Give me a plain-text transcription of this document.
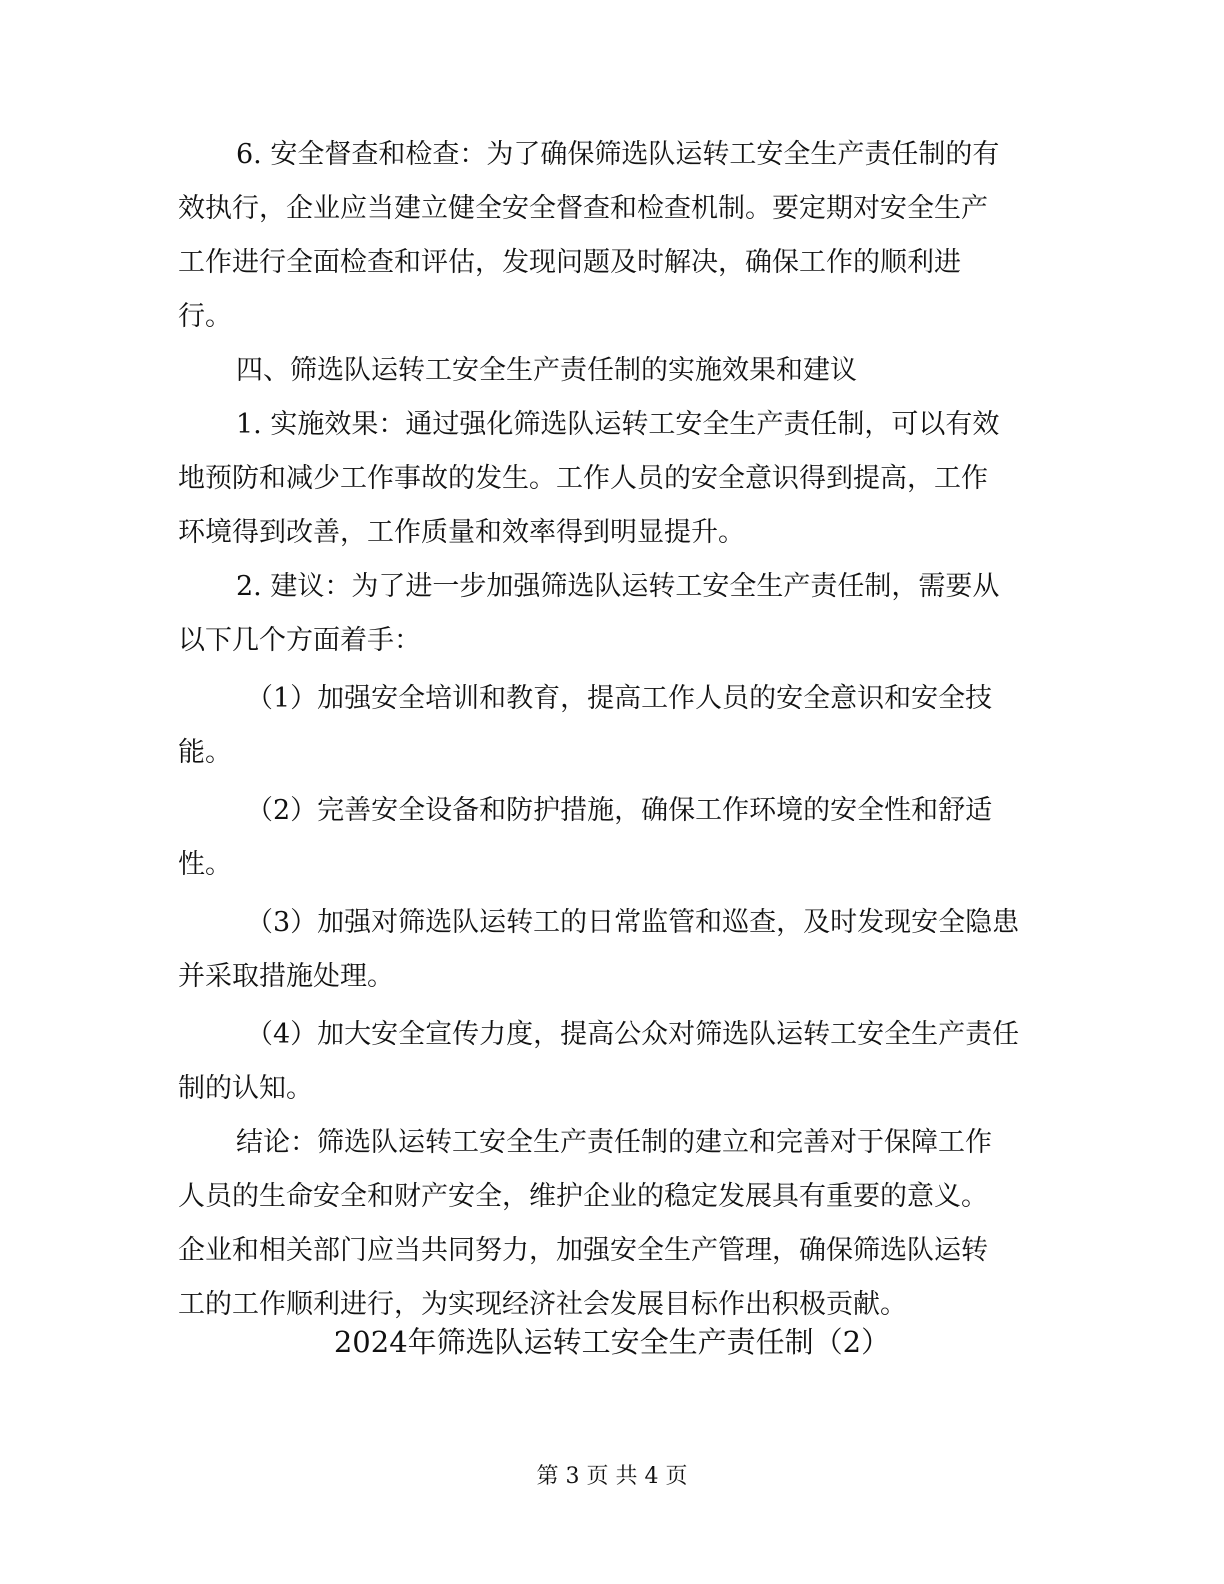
6. 安全督查和检查：为了确保筛选队运转工安全生产责任制的有
效执行，企业应当建立健全安全督查和检查机制。要定期对安全生产
工作进行全面检查和评估，发现问题及时解决，确保工作的顺利进
行。
四、筛选队运转工安全生产责任制的实施效果和建议
1. 实施效果：通过强化筛选队运转工安全生产责任制，可以有效
地预防和减少工作事故的发生。工作人员的安全意识得到提高，工作
环境得到改善，工作质量和效率得到明显提升。
2. 建议：为了进一步加强筛选队运转工安全生产责任制，需要从
以下几个方面着手：
（1）加强安全培训和教育，提高工作人员的安全意识和安全技
能。
（2）完善安全设备和防护措施，确保工作环境的安全性和舒适
性。
（3）加强对筛选队运转工的日常监管和巡查，及时发现安全隐患
并采取措施处理。
（4）加大安全宣传力度，提高公众对筛选队运转工安全生产责任
制的认知。
结论：筛选队运转工安全生产责任制的建立和完善对于保障工作
人员的生命安全和财产安全，维护企业的稳定发展具有重要的意义。
企业和相关部门应当共同努力，加强安全生产管理，确保筛选队运转
工的工作顺利进行，为实现经济社会发展目标作出积极贡献。
2024年筛选队运转工安全生产责任制（2）
第 3 页 共 4 页
